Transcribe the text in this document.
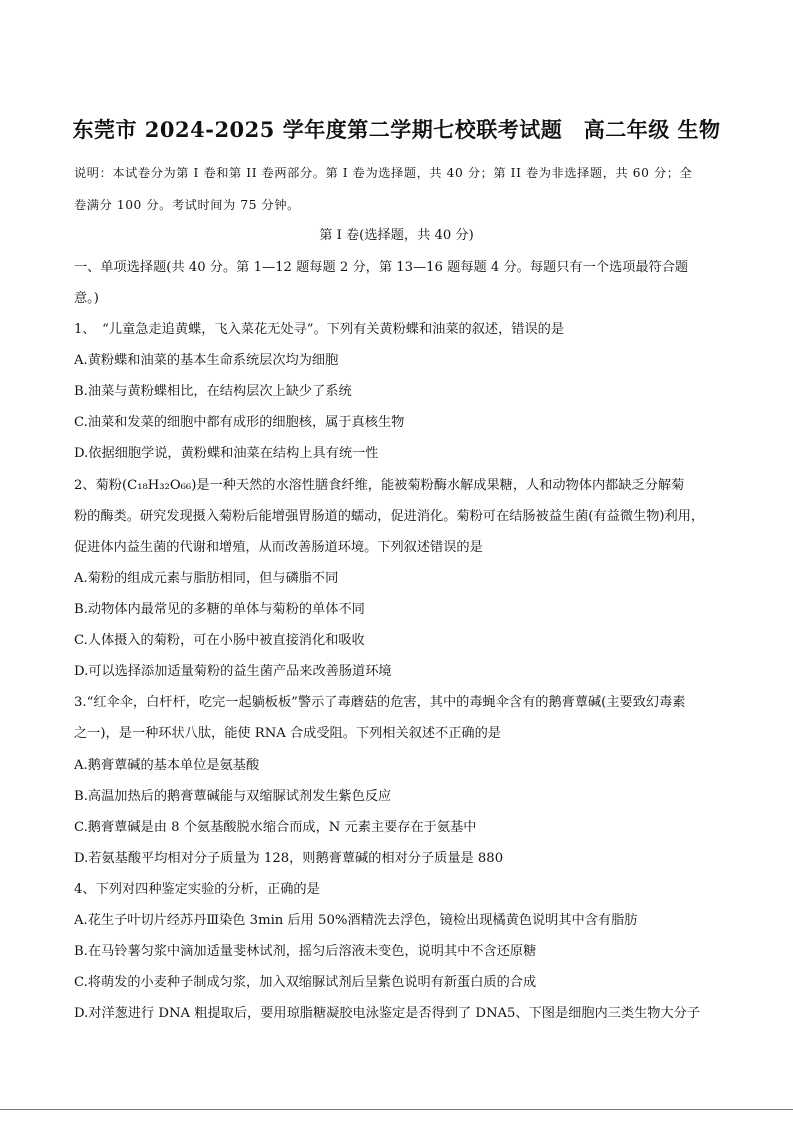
东莞市 2024-2025 学年度第二学期七校联考试题　高二年级 生物
说明：本试卷分为第 I 卷和第 II 卷两部分。第 I 卷为选择题，共 40 分；第 II 卷为非选择题，共 60 分；全
卷满分 100 分。考试时间为 75 分钟。
第 I 卷(选择题，共 40 分)
一、单项选择题(共 40 分。第 1—12 题每题 2 分，第 13—16 题每题 4 分。每题只有一个选项最符合题
意。)
1、　“儿童急走追黄蝶，飞入菜花无处寻”。下列有关黄粉蝶和油菜的叙述，错误的是
A.黄粉蝶和油菜的基本生命系统层次均为细胞
B.油菜与黄粉蝶相比，在结构层次上缺少了系统
C.油菜和发菜的细胞中都有成形的细胞核，属于真核生物
D.依据细胞学说，黄粉蝶和油菜在结构上具有统一性
2、菊粉(C₁₈H₃₂O₆₆)是一种天然的水溶性膳食纤维，能被菊粉酶水解成果糖，人和动物体内都缺乏分解菊
粉的酶类。研究发现摄入菊粉后能增强胃肠道的蠕动，促进消化。菊粉可在结肠被益生菌(有益微生物)利用，
促进体内益生菌的代谢和增殖，从而改善肠道环境。下列叙述错误的是
A.菊粉的组成元素与脂肪相同，但与磷脂不同
B.动物体内最常见的多糖的单体与菊粉的单体不同
C.人体摄入的菊粉，可在小肠中被直接消化和吸收
D.可以选择添加适量菊粉的益生菌产品来改善肠道环境
3.“红伞伞，白杆杆，吃完一起躺板板”警示了毒蘑菇的危害，其中的毒蝇伞含有的鹅膏蕈碱(主要致幻毒素
之一)，是一种环状八肽，能使 RNA 合成受阻。下列相关叙述不正确的是
A.鹅膏蕈碱的基本单位是氨基酸
B.高温加热后的鹅膏蕈碱能与双缩脲试剂发生紫色反应
C.鹅膏蕈碱是由 8 个氨基酸脱水缩合而成，N 元素主要存在于氨基中
D.若氨基酸平均相对分子质量为 128，则鹅膏蕈碱的相对分子质量是 880
4、下列对四种鉴定实验的分析，正确的是
A.花生子叶切片经苏丹Ⅲ染色 3min 后用 50%酒精洗去浮色，镜检出现橘黄色说明其中含有脂肪
B.在马铃薯匀浆中滴加适量斐林试剂，摇匀后溶液未变色，说明其中不含还原糖
C.将萌发的小麦种子制成匀浆，加入双缩脲试剂后呈紫色说明有新蛋白质的合成
D.对洋葱进行 DNA 粗提取后，要用琼脂糖凝胶电泳鉴定是否得到了 DNA5、下图是细胞内三类生物大分子
